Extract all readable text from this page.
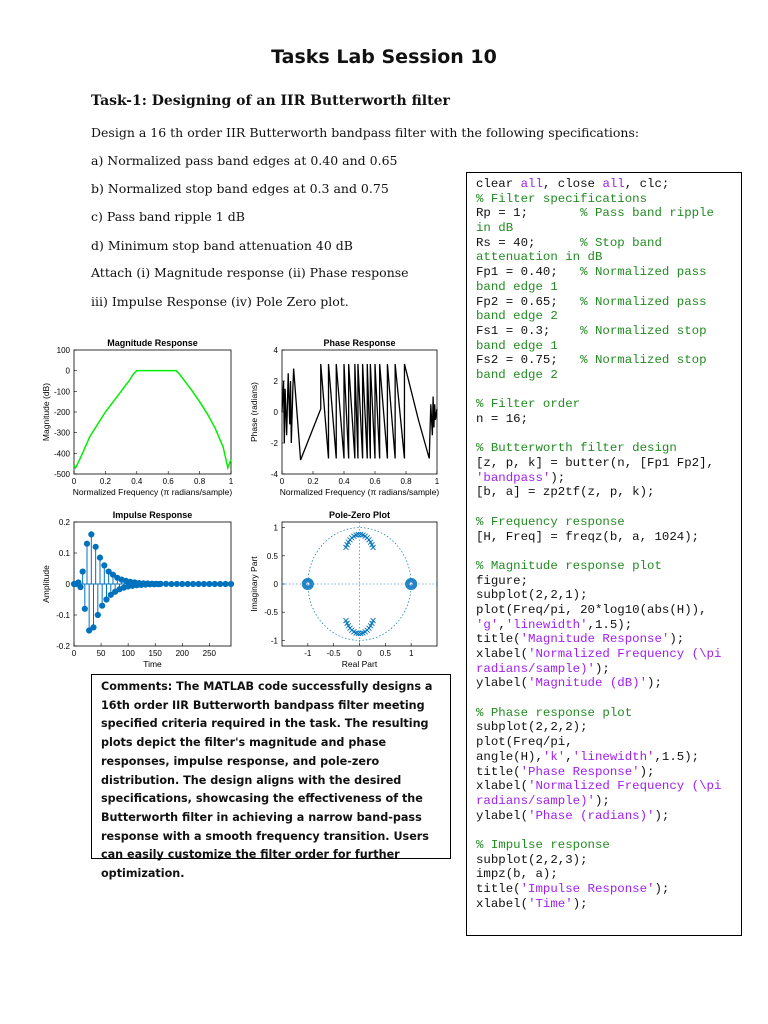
Tasks Lab Session 10
Task-1: Designing of an IIR Butterworth filter
Design a 16 th order IIR Butterworth bandpass filter with the following specifications:
a) Normalized pass band edges at 0.40 and 0.65
b) Normalized stop band edges at 0.3 and 0.75
c) Pass band ripple 1 dB
d) Minimum stop band attenuation 40 dB
Attach (i) Magnitude response (ii) Phase response
iii) Impulse Response (iv) Pole Zero plot.
clear all, close all, clc;
% Filter specifications
Rp = 1;       % Pass band ripple
in dB
Rs = 40;      % Stop band
attenuation in dB
Fp1 = 0.40;   % Normalized pass
band edge 1
Fp2 = 0.65;   % Normalized pass
band edge 2
Fs1 = 0.3;    % Normalized stop
band edge 1
Fs2 = 0.75;   % Normalized stop
band edge 2

% Filter order
n = 16;

% Butterworth filter design
[z, p, k] = butter(n, [Fp1 Fp2],
'bandpass');
[b, a] = zp2tf(z, p, k);

% Frequency response
[H, Freq] = freqz(b, a, 1024);

% Magnitude response plot
figure;
subplot(2,2,1);
plot(Freq/pi, 20*log10(abs(H)),
'g','linewidth',1.5);
title('Magnitude Response');
xlabel('Normalized Frequency (\pi
radians/sample)');
ylabel('Magnitude (dB)');

% Phase response plot
subplot(2,2,2);
plot(Freq/pi,
angle(H),'k','linewidth',1.5);
title('Phase Response');
xlabel('Normalized Frequency (\pi
radians/sample)');
ylabel('Phase (radians)');

% Impulse response
subplot(2,2,3);
impz(b, a);
title('Impulse Response');
xlabel('Time');
Magnitude Response
0	0.2	0.4	0.6	0.8	1
100
0
-100
-200
-300
-400
-500
Normalized Frequency (π radians/sample)
Magnitude (dB)
Phase Response
0	0.2 0.4 0.6 0.8	1
4
2
0
-2
-4
Normalized Frequency (π radians/sample)
Phase (radians)
Impulse Response
0	50 100 150 200 250
0.2
0.1
0
-0.1
-0.2
Time
Amplitude
Pole-Zero Plot
-1 -0.5 0 0.5 1
1
0.5
0
-0.5
-1
Real Part
Imaginary Part
Comments: The MATLAB code successfully designs a 16th order IIR Butterworth bandpass filter meeting specified criteria required in the task. The resulting plots depict the filter's magnitude and phase responses, impulse response, and pole-zero distribution. The design aligns with the desired specifications, showcasing the effectiveness of the Butterworth filter in achieving a narrow band-pass response with a smooth frequency transition. Users can easily customize the filter order for further optimization.
